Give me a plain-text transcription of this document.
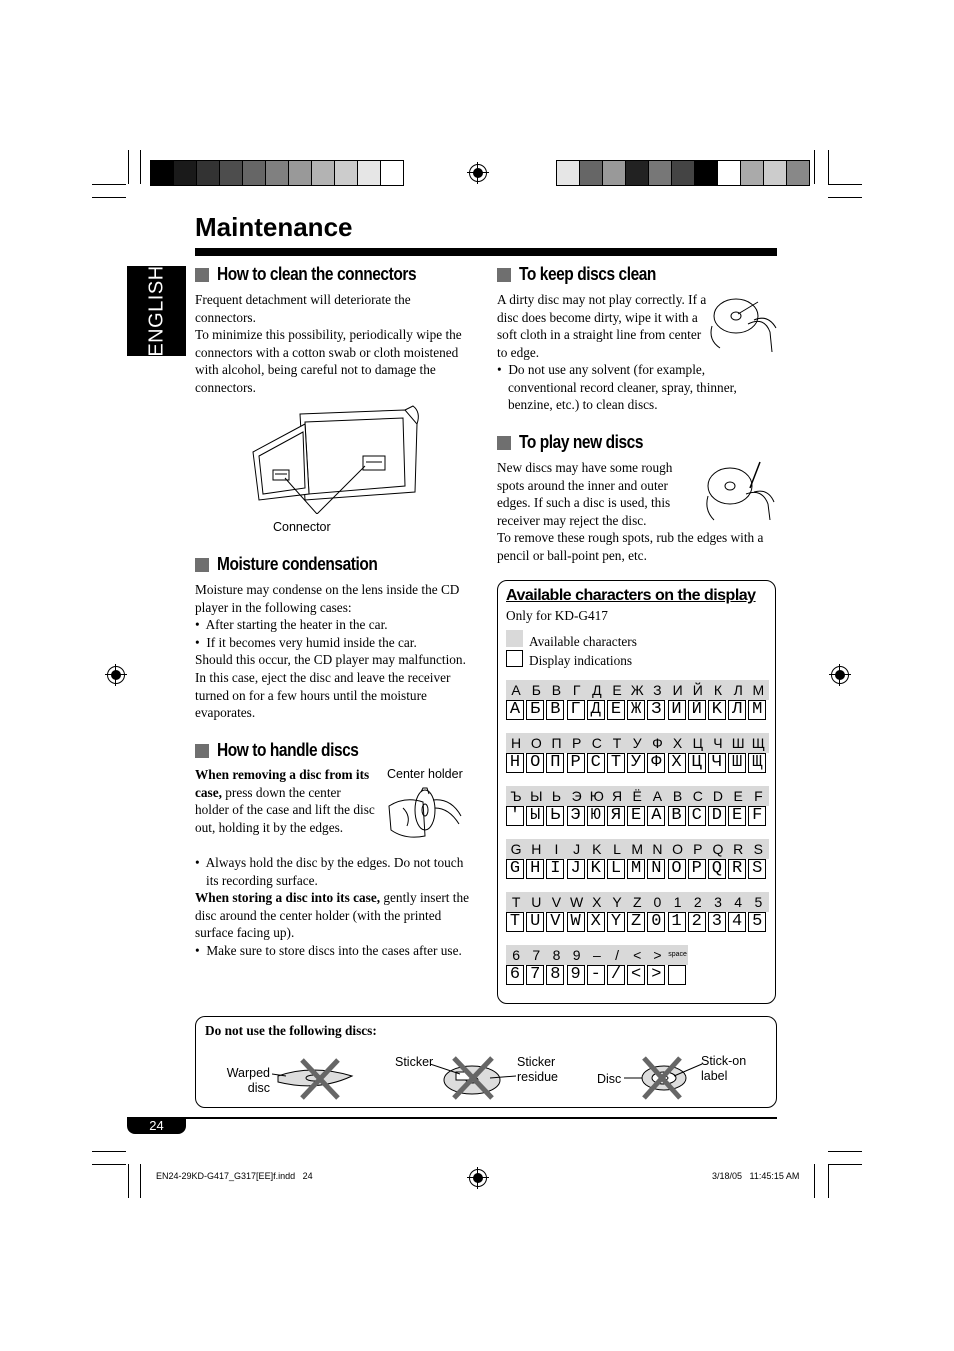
Maintenance
ENGLISH	How to clean the connectors

Frequent detachment will deteriorate the connectors.

To minimize this possibility, periodically wipe the connectors with a cotton swab or cloth moistened with alcohol, being careful not to damage the connectors.

Connector
Moisture condensation

Moisture may condense on the lens inside the CD player in the following cases:

•  After starting the heater in the car.

•  If it becomes very humid inside the car.

Should this occur, the CD player may malfunction. In this case, eject the disc and leave the receiver turned on for a few hours until the moisture evaporates.

How to handle discs
Center holder

When removing a disc from its case, press down the center holder of the case and lift the disc out, holding it by the edges.

•  Always hold the disc by the edges. Do not touch its recording surface.

When storing a disc into its case, gently insert the disc around the center holder (with the printed surface facing up).

•  Make sure to store discs into the cases after use.

To keep discs clean

A dirty disc may not play correctly. If a disc does become dirty, wipe it with a soft cloth in a straight line from center to edge.

•  Do not use any solvent (for example, conventional record cleaner, spray, thinner, benzine, etc.) to clean discs.

To play new discs

New discs may have some rough spots around the inner and outer edges. If such a disc is used, this receiver may reject the disc.

To remove these rough spots, rub the edges with a pencil or ball-point pen, etc.

Available characters on the display
Only for KD-G417
Available characters
Display indications
А Б В Г Д Е Ж З И Й К Л М
A Б B Г Д E Ж З И Й K Л M
Н О П Р С Т У Ф Х Ц Ч Ш Щ
H O П P C T У Ф X Ц Ч Ш Щ
Ъ Ы Ь Э Ю Я Ё A B C D E F
' Ы Ь Э Ю Я E A B C D E F
G H I	J K L M N O P Q R S
G H I J K L M N O P Q R S
T U V W X Y Z 0 1 2 3 4 5
T U V W X Y Z 0 1 2 3 4 5
6 7 8 9 –	/	< > space
6 7 8 9 - / < >
Do not use the following discs:
Warped
disc
Sticker	Sticker
residue	Disc
Stick-on
label
24
EN24-29KD-G417_G317[EE]f.indd   24	3/18/05   11:45:15 AM
